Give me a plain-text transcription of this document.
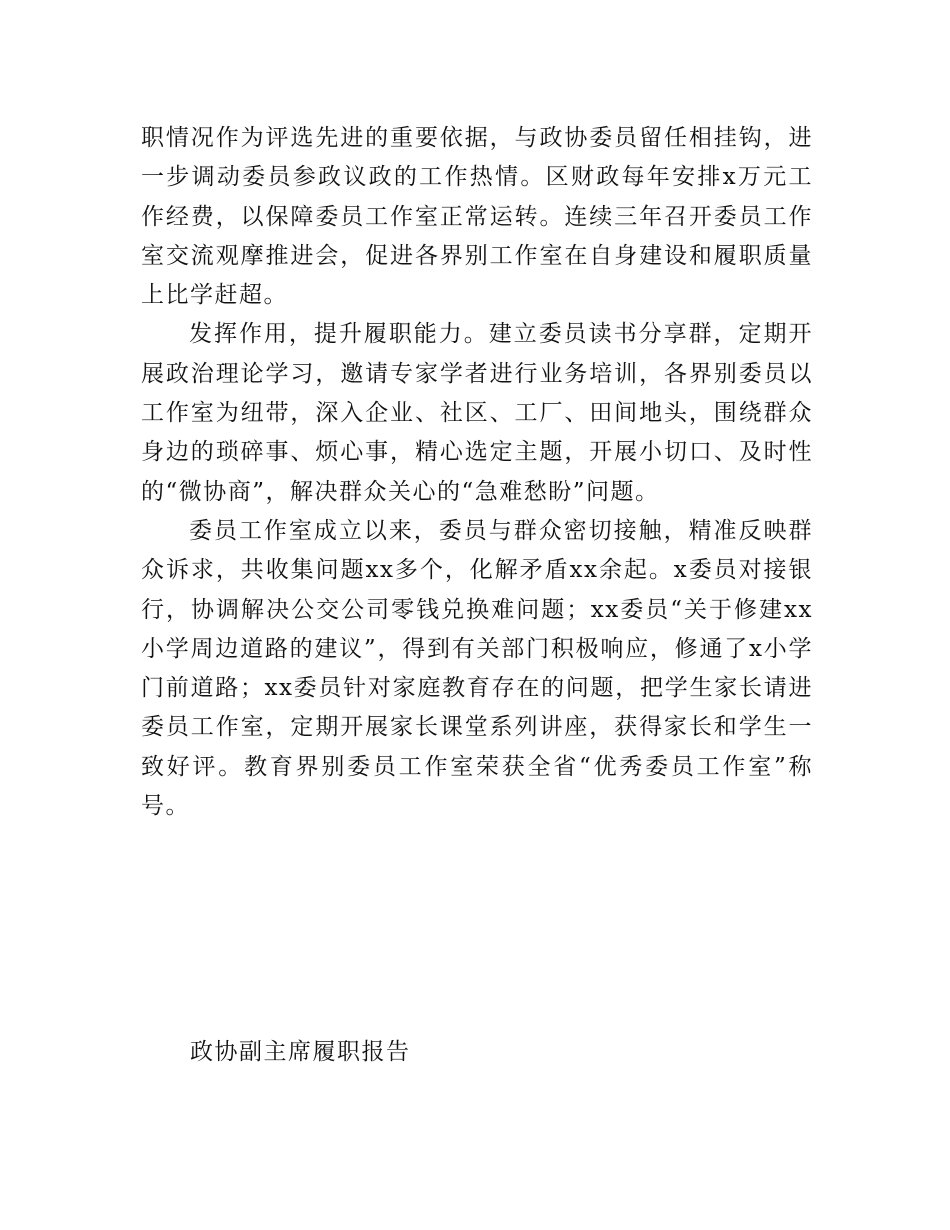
职情况作为评选先进的重要依据，与政协委员留任相挂钩，进一步调动委员参政议政的工作热情。区财政每年安排x万元工作经费，以保障委员工作室正常运转。连续三年召开委员工作室交流观摩推进会，促进各界别工作室在自身建设和履职质量上比学赶超。

发挥作用，提升履职能力。建立委员读书分享群，定期开展政治理论学习，邀请专家学者进行业务培训，各界别委员以工作室为纽带，深入企业、社区、工厂、田间地头，围绕群众身边的琐碎事、烦心事，精心选定主题，开展小切口、及时性的“微协商”，解决群众关心的“急难愁盼”问题。

委员工作室成立以来，委员与群众密切接触，精准反映群众诉求，共收集问题xx多个，化解矛盾xx余起。x委员对接银行，协调解决公交公司零钱兑换难问题；xx委员“关于修建xx小学周边道路的建议”，得到有关部门积极响应，修通了x小学门前道路；xx委员针对家庭教育存在的问题，把学生家长请进委员工作室，定期开展家长课堂系列讲座，获得家长和学生一致好评。教育界别委员工作室荣获全省“优秀委员工作室”称号。

政协副主席履职报告
